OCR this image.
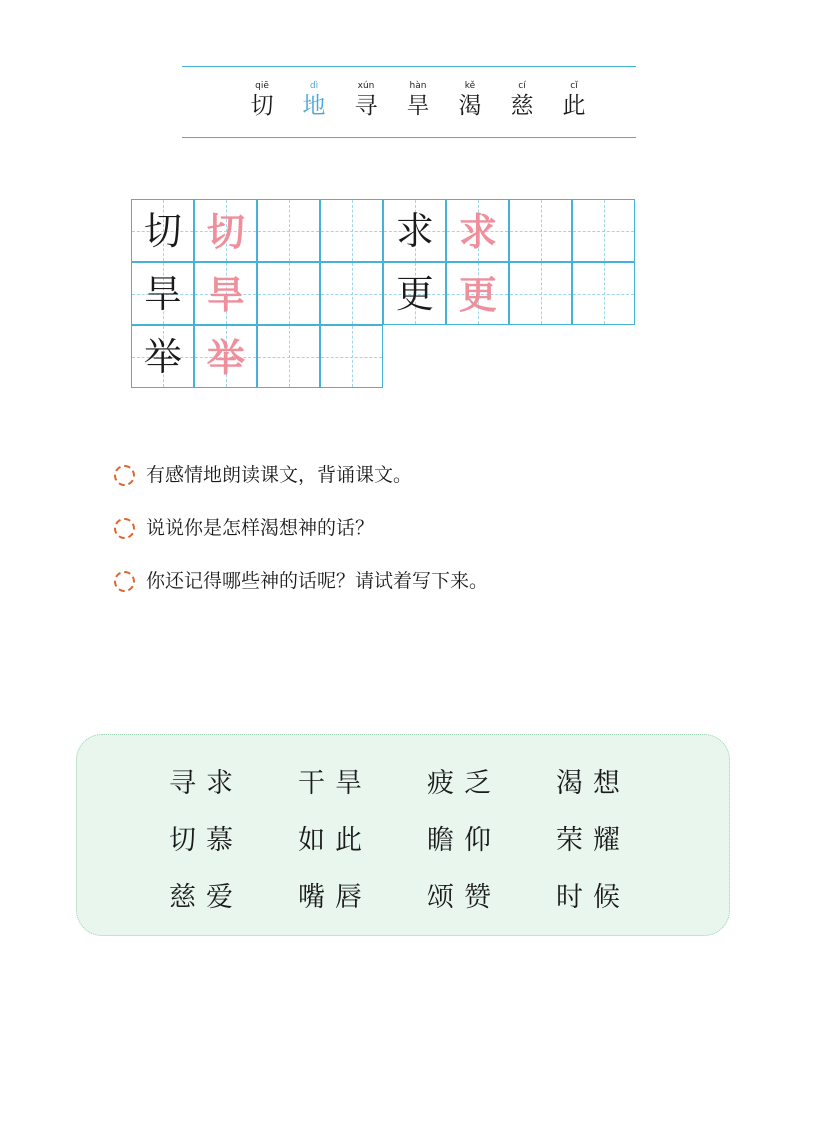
qiē
切
dì
地
xún
寻
hàn
旱
kě
渴
cí
慈
cǐ
此
切 切	求 求
旱 旱	更 更
举 举
有感情地朗读课文，背诵课文。
说说你是怎样渴想神的话？
你还记得哪些神的话呢？请试着写下来。
寻求 干旱 疲乏 渴想
切慕 如此 瞻仰 荣耀
慈爱 嘴唇 颂赞 时候
